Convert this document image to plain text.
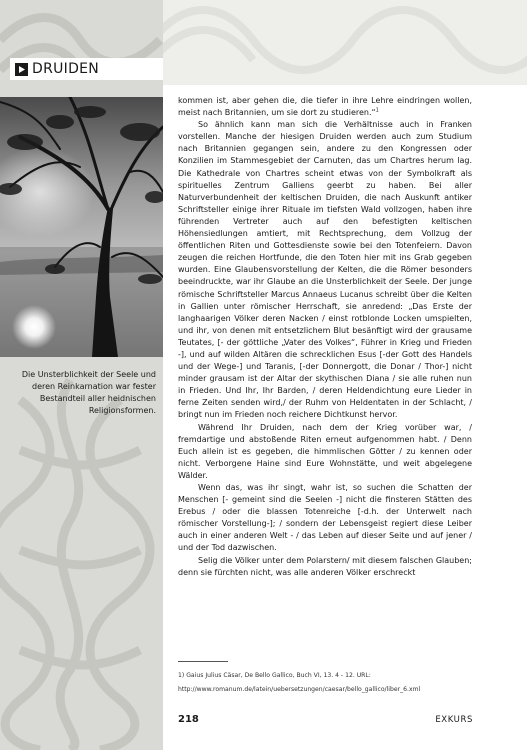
DRUIDEN
Die Unsterblichkeit der Seele und deren Reinkarnation war fester Bestandteil aller heidnischen Religionsformen.

kommen ist, aber gehen die, die tiefer in ihre Lehre eindringen wollen, meist nach Britannien, um sie dort zu studieren.“$^1$

So ähnlich kann man sich die Verhältnisse auch in Franken vorstellen. Manche der hiesigen Druiden werden auch zum Studium nach Britannien gegangen sein, andere zu den Kongressen oder Konzilien im Stammesgebiet der Carnuten, das um Chartres herum lag. Die Kathedrale von Chartres scheint etwas von der Symbolkraft als spirituelles Zentrum Galliens geerbt zu haben. Bei aller Naturverbundenheit der keltischen Druiden, die nach Auskunft antiker Schriftsteller einige ihrer Rituale im tiefsten Wald vollzogen, haben ihre führenden Vertreter auch auf den befestigten keltischen Höhensiedlungen amtiert, mit Rechtsprechung, dem Vollzug der öffentlichen Riten und Gottesdienste sowie bei den Totenfeiern. Davon zeugen die reichen Hortfunde, die den Toten hier mit ins Grab gegeben wurden. Eine Glaubensvorstellung der Kelten, die die Römer besonders beeindruckte, war ihr Glaube an die Unsterblichkeit der Seele. Der junge römische Schriftsteller Marcus Annaeus Lucanus schreibt über die Kelten in Gallien unter römischer Herrschaft, sie anredend: „Das Erste der langhaarigen Völker deren Nacken / einst rotblonde Locken umspielten, und ihr, von denen mit entsetzlichem Blut besänftigt wird der grausame Teutates, [- der göttliche „Vater des Volkes“, Führer in Krieg und Frieden -], und auf wilden Altären die schrecklichen Esus [-der Gott des Handels und der Wege-] und Taranis, [-der Donnergott, die Donar / Thor-] nicht minder grausam ist der Altar der skythischen Diana / sie alle ruhen nun in Frieden. Und Ihr, Ihr Barden, / deren Heldendichtung eure Lieder in ferne Zeiten senden wird,/ der Ruhm von Heldentaten in der Schlacht, / bringt nun im Frieden noch reichere Dichtkunst hervor.

Während Ihr Druiden, nach dem der Krieg vorüber war, / fremdartige und abstoßende Riten erneut aufgenommen habt. / Denn Euch allein ist es gegeben, die himmlischen Götter / zu kennen oder nicht. Verborgene Haine sind Eure Wohnstätte, und weit abgelegene Wälder.

Wenn das, was ihr singt, wahr ist, so suchen die Schatten der Menschen [- gemeint sind die Seelen -] nicht die finsteren Stätten des Erebus / oder die blassen Totenreiche [-d.h. der Unterwelt nach römischer Vorstellung-]; / sondern der Lebensgeist regiert diese Leiber auch in einer anderen Welt - / das Leben auf dieser Seite und auf jener / und der Tod dazwischen.

Selig die Völker unter dem Polarstern/ mit diesem falschen Glauben; denn sie fürchten nicht, was alle anderen Völker erschreckt

1) Gaius Julius Cäsar, De Bello Gallico, Buch VI, 13. 4 - 12. URL:
http://www.romanum.de/latein/uebersetzungen/caesar/bello_gallico/liber_6.xml
218	EXKURS
